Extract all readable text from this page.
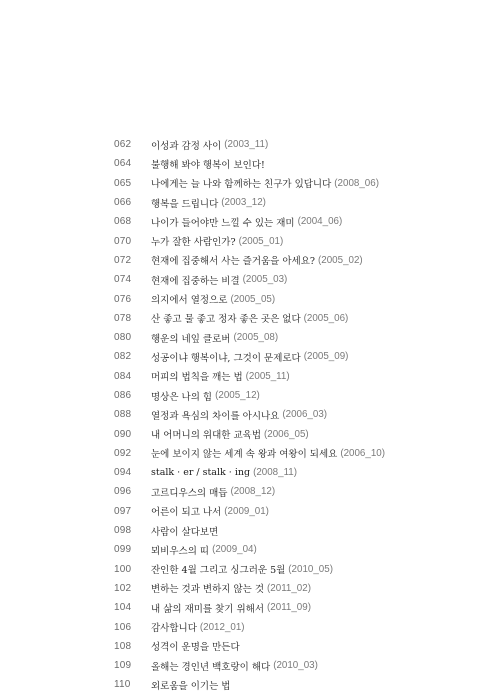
062	이성과 감정 사이 (2003_11)
064	불행해 봐야 행복이 보인다!
065	나에게는 늘 나와 함께하는 친구가 있답니다 (2008_06)
066	행복을 드립니다 (2003_12)
068	나이가 들어야만 느낄 수 있는 재미 (2004_06)
070	누가 잘한 사람인가? (2005_01)
072	현재에 집중해서 사는 즐거움을 아세요? (2005_02)
074	현재에 집중하는 비결 (2005_03)
076	의지에서 열정으로 (2005_05)
078	산 좋고 물 좋고 정자 좋은 곳은 없다 (2005_06)
080	행운의 네잎 클로버 (2005_08)
082	성공이냐 행복이냐, 그것이 문제로다 (2005_09)
084	머피의 법칙을 깨는 법 (2005_11)
086	명상은 나의 힘 (2005_12)
088	열정과 욕심의 차이를 아시나요 (2006_03)
090	내 어머니의 위대한 교육법 (2006_05)
092	눈에 보이지 않는 세계 속 왕과 여왕이 되세요 (2006_10)
094	stalk · er / stalk · ing (2008_11)
096	고르디우스의 매듭 (2008_12)
097	어른이 되고 나서 (2009_01)
098	사람이 살다보면
099	뫼비우스의 띠 (2009_04)
100	잔인한 4월 그리고 싱그러운 5월 (2010_05)
102	변하는 것과 변하지 않는 것 (2011_02)
104	내 삶의 재미를 찾기 위해서 (2011_09)
106	감사합니다 (2012_01)
108	성격이 운명을 만든다
109	올해는 경인년 백호랑이 해다 (2010_03)
110	외로움을 이기는 법
